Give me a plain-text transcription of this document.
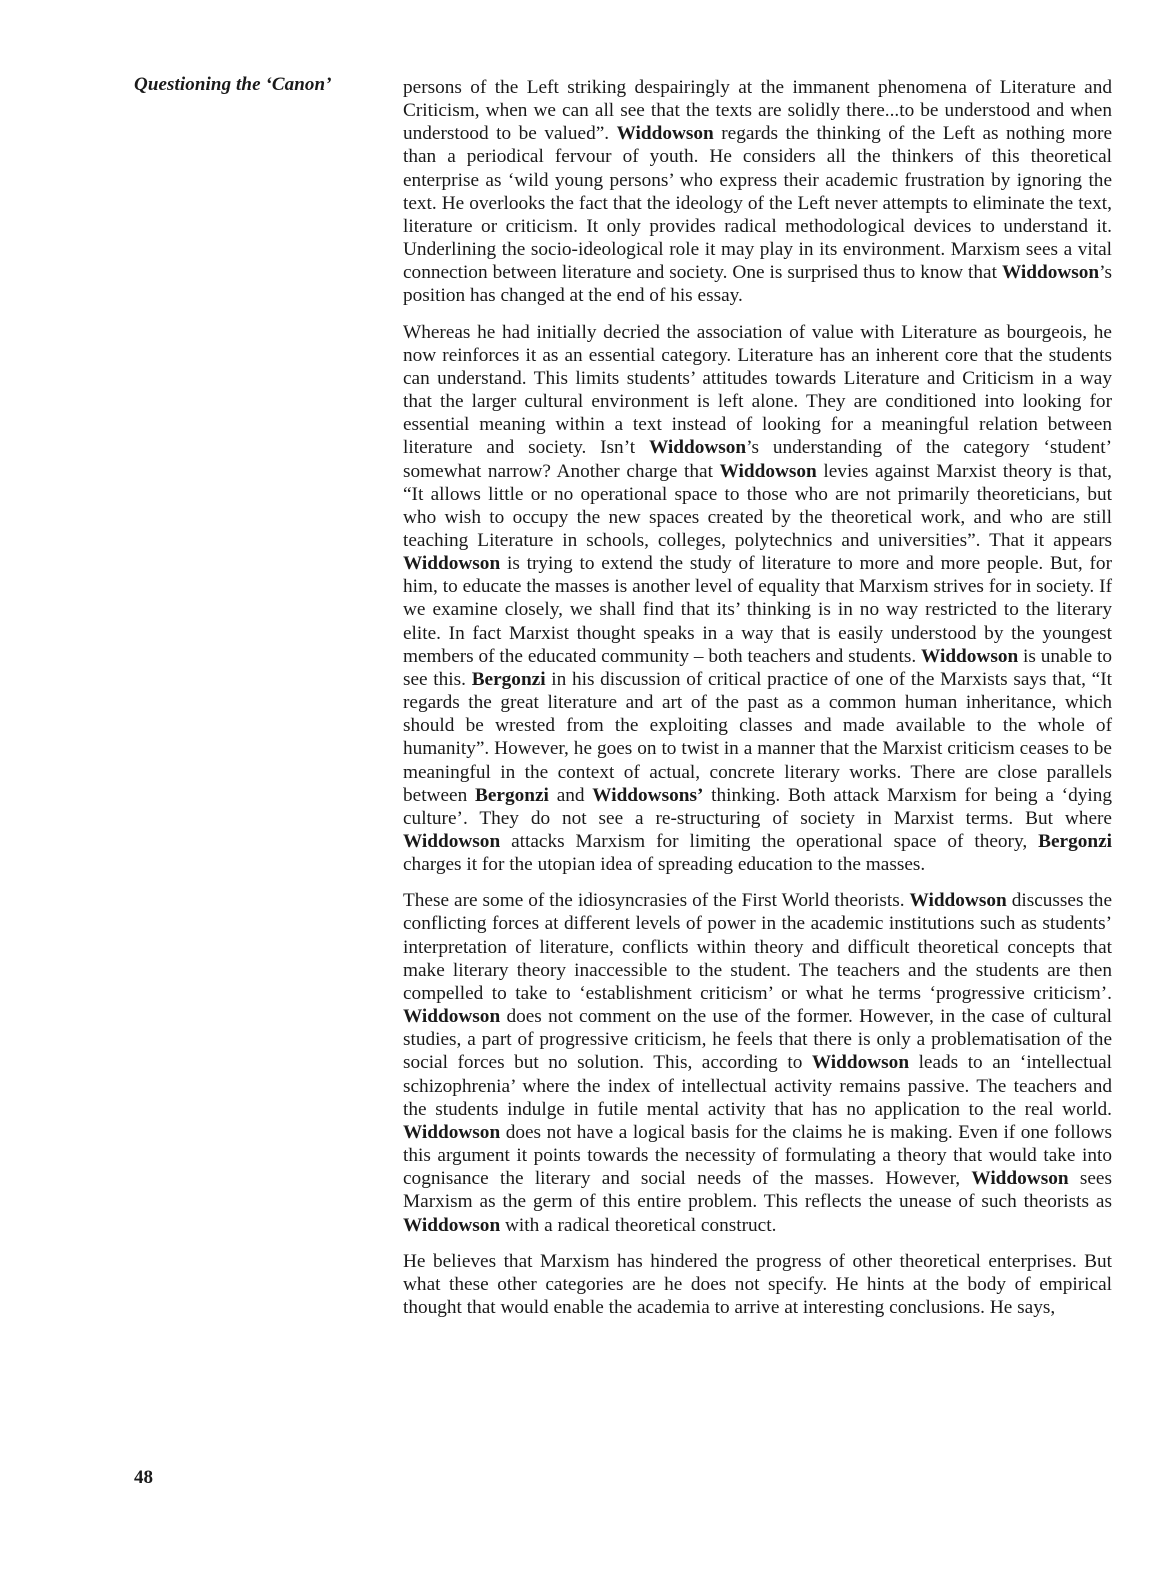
Questioning the ‘Canon’	persons of the Left striking despairingly at the immanent phenomena of Literature and Criticism, when we can all see that the texts are solidly there...to be understood and when understood to be valued”. Widdowson regards the thinking of the Left as nothing more than a periodical fervour of youth. He considers all the thinkers of this theoretical enterprise as ‘wild young persons’ who express their academic frustration by ignoring the text. He overlooks the fact that the ideology of the Left never attempts to eliminate the text, literature or criticism. It only provides radical methodological devices to understand it. Underlining the socio-ideological role it may play in its environment. Marxism sees a vital connection between literature and society. One is surprised thus to know that Widdowson’s position has changed at the end of his essay.

Whereas he had initially decried the association of value with Literature as bourgeois, he now reinforces it as an essential category. Literature has an inherent core that the students can understand. This limits students’ attitudes towards Literature and Criticism in a way that the larger cultural environment is left alone. They are conditioned into looking for essential meaning within a text instead of looking for a meaningful relation between literature and society. Isn’t Widdowson’s understanding of the category ‘student’ somewhat narrow? Another charge that Widdowson levies against Marxist theory is that, “It allows little or no operational space to those who are not primarily theoreticians, but who wish to occupy the new spaces created by the theoretical work, and who are still teaching Literature in schools, colleges, polytechnics and universities”. That it appears Widdowson is trying to extend the study of literature to more and more people. But, for him, to educate the masses is another level of equality that Marxism strives for in society. If we examine closely, we shall find that its’ thinking is in no way restricted to the literary elite. In fact Marxist thought speaks in a way that is easily understood by the youngest members of the educated community – both teachers and students. Widdowson is unable to see this. Bergonzi in his discussion of critical practice of one of the Marxists says that, “It regards the great literature and art of the past as a common human inheritance, which should be wrested from the exploiting classes and made available to the whole of humanity”. However, he goes on to twist in a manner that the Marxist criticism ceases to be meaningful in the context of actual, concrete literary works. There are close parallels between Bergonzi and Widdowsons’ thinking. Both attack Marxism for being a ‘dying culture’. They do not see a re-structuring of society in Marxist terms. But where Widdowson attacks Marxism for limiting the operational space of theory, Bergonzi charges it for the utopian idea of spreading education to the masses.

These are some of the idiosyncrasies of the First World theorists. Widdowson discusses the conflicting forces at different levels of power in the academic institutions such as students’ interpretation of literature, conflicts within theory and difficult theoretical concepts that make literary theory inaccessible to the student. The teachers and the students are then compelled to take to ‘establishment criticism’ or what he terms ‘progressive criticism’. Widdowson does not comment on the use of the former. However, in the case of cultural studies, a part of progressive criticism, he feels that there is only a problematisation of the social forces but no solution. This, according to Widdowson leads to an ‘intellectual schizophrenia’ where the index of intellectual activity remains passive. The teachers and the students indulge in futile mental activity that has no application to the real world. Widdowson does not have a logical basis for the claims he is making. Even if one follows this argument it points towards the necessity of formulating a theory that would take into cognisance the literary and social needs of the masses. However, Widdowson sees Marxism as the germ of this entire problem. This reflects the unease of such theorists as Widdowson with a radical theoretical construct.

He believes that Marxism has hindered the progress of other theoretical enterprises. But what these other categories are he does not specify. He hints at the body of empirical thought that would enable the academia to arrive at interesting conclusions. He says,

48
